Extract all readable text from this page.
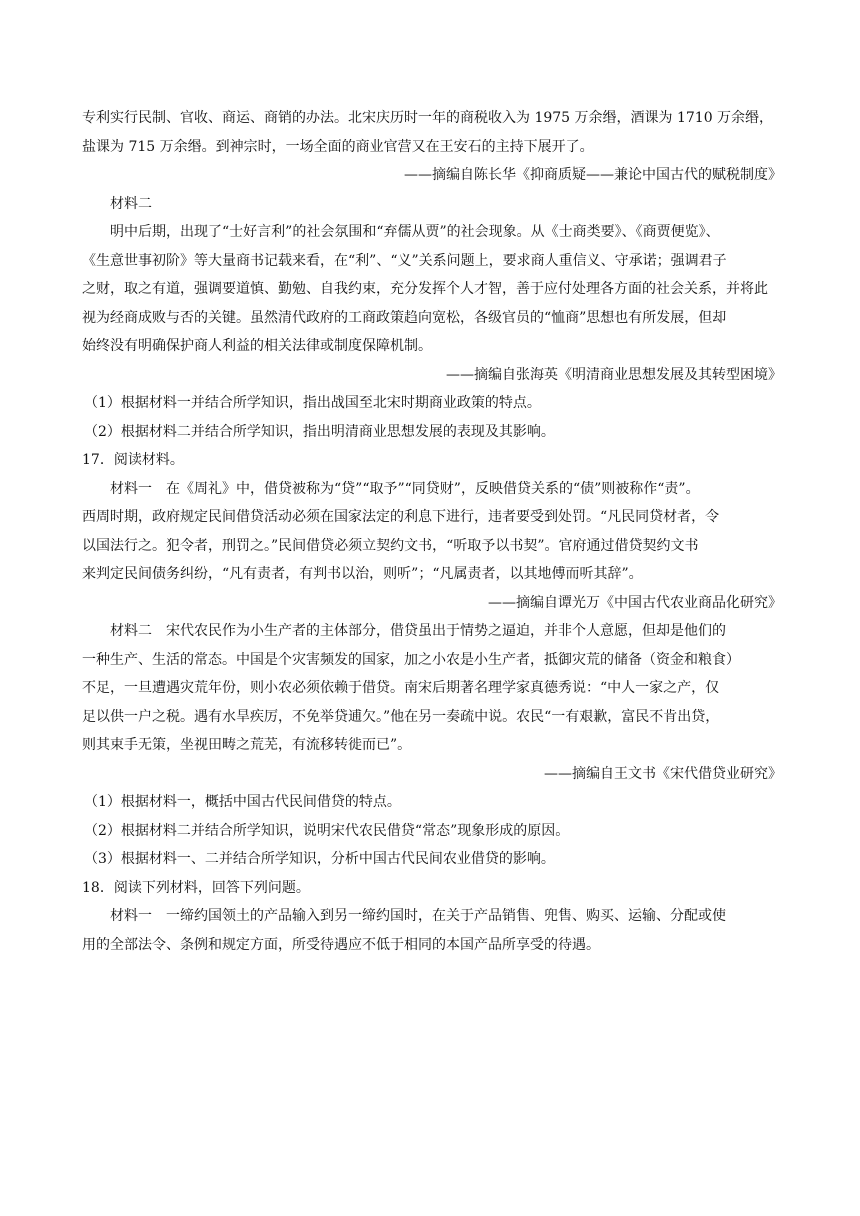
专利实行民制、官收、商运、商销的办法。北宋庆历时一年的商税收入为 1975 万余缗，酒课为 1710 万余缗，
盐课为 715 万余缗。到神宗时，一场全面的商业官营又在王安石的主持下展开了。
——摘编自陈长华《抑商质疑——兼论中国古代的赋税制度》
材料二
明中后期，出现了“士好言利”的社会氛围和“弃儒从贾”的社会现象。从《士商类要》、《商贾便览》、
《生意世事初阶》等大量商书记载来看，在“利”、“义”关系问题上，要求商人重信义、守承诺；强调君子
之财，取之有道，强调要道慎、勤勉、自我约束，充分发挥个人才智，善于应付处理各方面的社会关系，并将此
视为经商成败与否的关键。虽然清代政府的工商政策趋向宽松，各级官员的“恤商”思想也有所发展，但却
始终没有明确保护商人利益的相关法律或制度保障机制。
——摘编自张海英《明清商业思想发展及其转型困境》
（1）根据材料一并结合所学知识，指出战国至北宋时期商业政策的特点。
（2）根据材料二并结合所学知识，指出明清商业思想发展的表现及其影响。
17．阅读材料。
材料一 在《周礼》中，借贷被称为“贷”“取予”“同贷财”，反映借贷关系的“债”则被称作“责”。
西周时期，政府规定民间借贷活动必须在国家法定的利息下进行，违者要受到处罚。“凡民同贷材者，令
以国法行之。犯令者，刑罚之。”民间借贷必须立契约文书，“听取予以书契”。官府通过借贷契约文书
来判定民间债务纠纷，“凡有责者，有判书以治，则听”；“凡属责者，以其地傅而听其辞”。
——摘编自谭光万《中国古代农业商品化研究》
材料二 宋代农民作为小生产者的主体部分，借贷虽出于情势之逼迫，并非个人意愿，但却是他们的
一种生产、生活的常态。中国是个灾害频发的国家，加之小农是小生产者，抵御灾荒的储备（资金和粮食）
不足，一旦遭遇灾荒年份，则小农必须依赖于借贷。南宋后期著名理学家真德秀说：“中人一家之产，仅
足以供一户之税。遇有水旱疾厉，不免举贷逋欠。”他在另一奏疏中说。农民“一有艰歉，富民不肯出贷，
则其束手无策，坐视田畴之荒芜，有流移转徙而已”。
——摘编自王文书《宋代借贷业研究》
（1）根据材料一，概括中国古代民间借贷的特点。
（2）根据材料二并结合所学知识，说明宋代农民借贷“常态”现象形成的原因。
（3）根据材料一、二并结合所学知识，分析中国古代民间农业借贷的影响。
18．阅读下列材料，回答下列问题。
材料一 一缔约国领土的产品输入到另一缔约国时，在关于产品销售、兜售、购买、运输、分配或使
用的全部法令、条例和规定方面，所受待遇应不低于相同的本国产品所享受的待遇。
